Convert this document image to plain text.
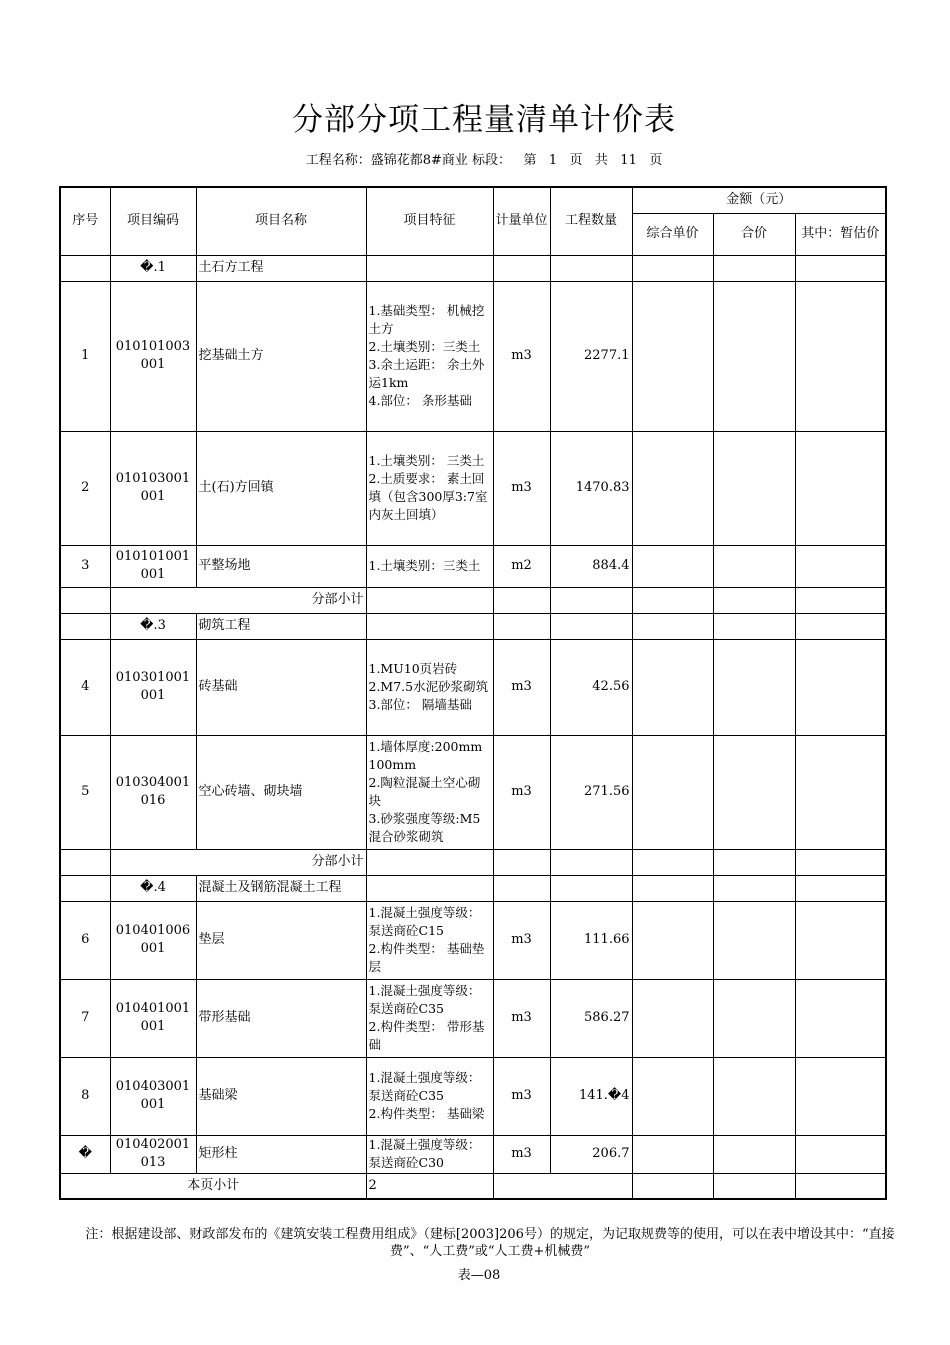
分部分项工程量清单计价表
工程名称：盛锦花都8#商业 标段：   第   1   页   共   11   页
序号	项目编码	项目名称	项目特征	计量单位	工程数量	金额（元）		
						综合单价	合价	其中：暂估价
	�.1	土石方工程						
1	010101003001	挖基础土方	1.基础类型： 机械挖土方
2.土壤类别：三类土
3.余土运距： 余土外运1km
4.部位： 条形基础	m3	2277.1			
2	010103001001	土(石)方回镇	1.土壤类别： 三类土
2.土质要求： 素土回填（包含300厚3:7室内灰土回填）	m3	1470.83			
3	010101001001	平整场地	1.土壤类别：三类土	m2	884.4			
	分部小计							
	�.3	砌筑工程						
4	010301001001	砖基础	1.MU10页岩砖
2.M7.5水泥砂浆砌筑
3.部位： 隔墙基础	m3	42.56			
5	010304001016	空心砖墙、砌块墙	1.墙体厚度:200mm 100mm
2.陶粒混凝土空心砌块
3.砂浆强度等级:M5混合砂浆砌筑	m3	271.56			
	分部小计							
	�.4	混凝土及钢筋混凝土工程						
6	010401006001	垫层	1.混凝土强度等级： 泵送商砼C15
2.构件类型： 基础垫层	m3	111.66			
7	010401001001	带形基础	1.混凝土强度等级： 泵送商砼C35
2.构件类型： 带形基础	m3	586.27			
8	010403001001	基础梁	1.混凝土强度等级： 泵送商砼C35
2.构件类型： 基础梁	m3	141.�4			
�	010402001013	矩形柱	1.混凝土强度等级： 泵送商砼C30	m3	206.7			
本页小计			2					
注：根据建设部、财政部发布的《建筑安装工程费用组成》（建标[2003]206号）的规定，为记取规费等的使用，可以在表中增设其中：“直接费”、“人工费”或“人工费+机械费”
表—08
